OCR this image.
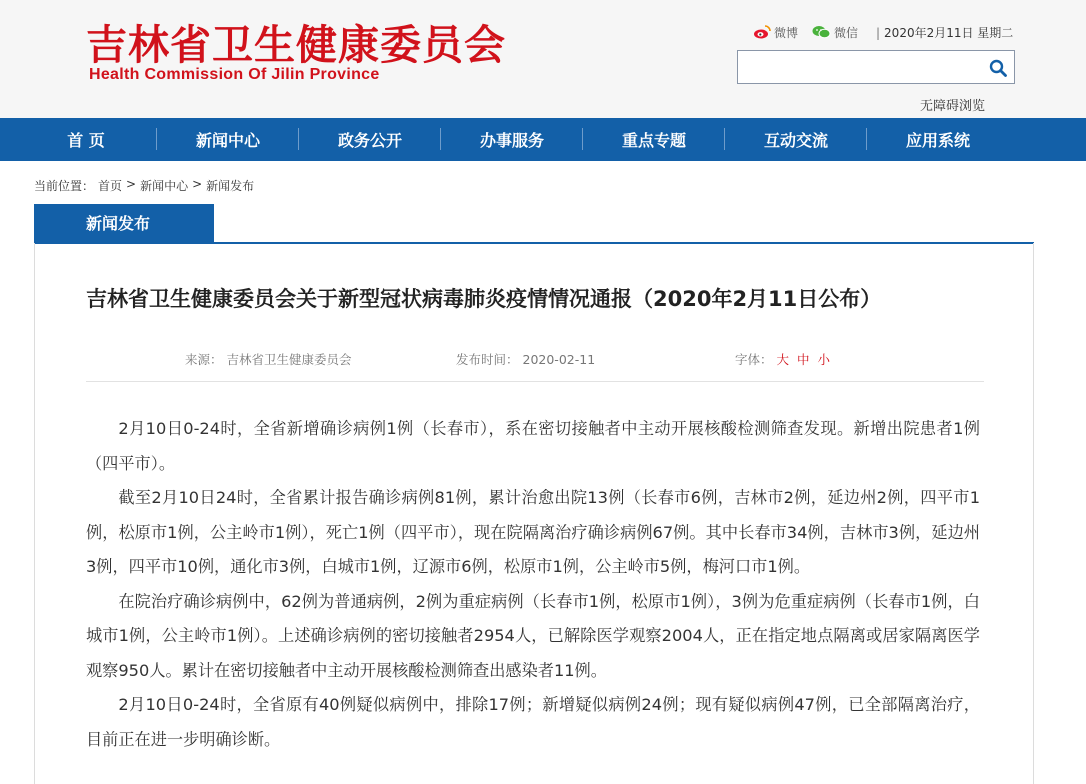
吉林省卫生健康委员会
Health Commission Of Jilin Province
微博	微信
|	2020年2月11日 星期二
无障碍浏览
首 页	新闻中心	政务公开	办事服务	重点专题	互动交流	应用系统
当前位置： 首页 > 新闻中心 > 新闻发布
新闻发布
吉林省卫生健康委员会关于新型冠状病毒肺炎疫情情况通报（2020年2月11日公布）
来源： 吉林省卫生健康委员会	发布时间： 2020-02-11	字体： 大 中 小

2月10日0-24时，全省新增确诊病例1例（长春市），系在密切接触者中主动开展核酸检测筛查发现。新增出院患者1例（四平市）。

截至2月10日24时，全省累计报告确诊病例81例，累计治愈出院13例（长春市6例，吉林市2例，延边州2例，四平市1例，松原市1例，公主岭市1例），死亡1例（四平市），现在院隔离治疗确诊病例67例。其中长春市34例，吉林市3例，延边州3例，四平市10例，通化市3例，白城市1例，辽源市6例，松原市1例，公主岭市5例，梅河口市1例。

在院治疗确诊病例中，62例为普通病例，2例为重症病例（长春市1例，松原市1例），3例为危重症病例（长春市1例，白城市1例，公主岭市1例）。上述确诊病例的密切接触者2954人，已解除医学观察2004人，正在指定地点隔离或居家隔离医学观察950人。累计在密切接触者中主动开展核酸检测筛查出感染者11例。

2月10日0-24时，全省原有40例疑似病例中，排除17例；新增疑似病例24例；现有疑似病例47例，已全部隔离治疗，目前正在进一步明确诊断。
